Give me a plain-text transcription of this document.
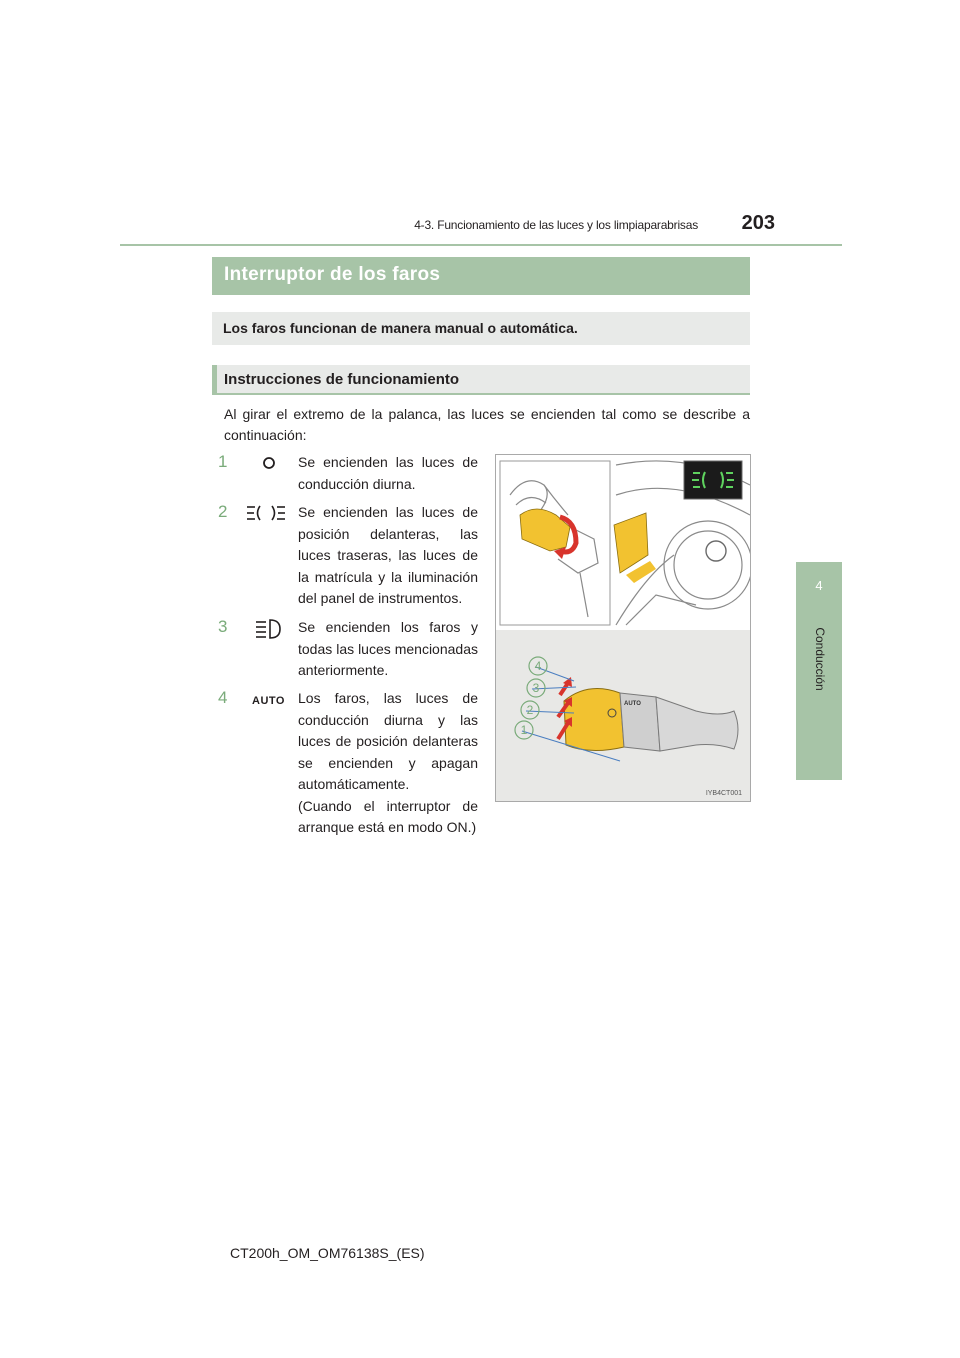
4-3. Funcionamiento de las luces y los limpiaparabrisas	203
4
Conducción
Interruptor de los faros
Los faros funcionan de manera manual o automática.
Instrucciones de funcionamiento
Al girar el extremo de la palanca, las luces se encienden tal como se describe a continuación:
1	Se encienden las luces de conducción diurna.
2	Se encienden las luces de posición delanteras, las luces traseras, las luces de la matrícula y la iluminación del panel de instrumentos.
3	Se encienden los faros y todas las luces mencionadas anteriormente.
4	AUTO Los faros, las luces de conducción diurna y las luces de posición delanteras se encienden y apagan automáticamente.
(Cuando el interruptor de arranque está en modo ON.)
AUTO
4
3
2
1
IYB4CT001
CT200h_OM_OM76138S_(ES)
